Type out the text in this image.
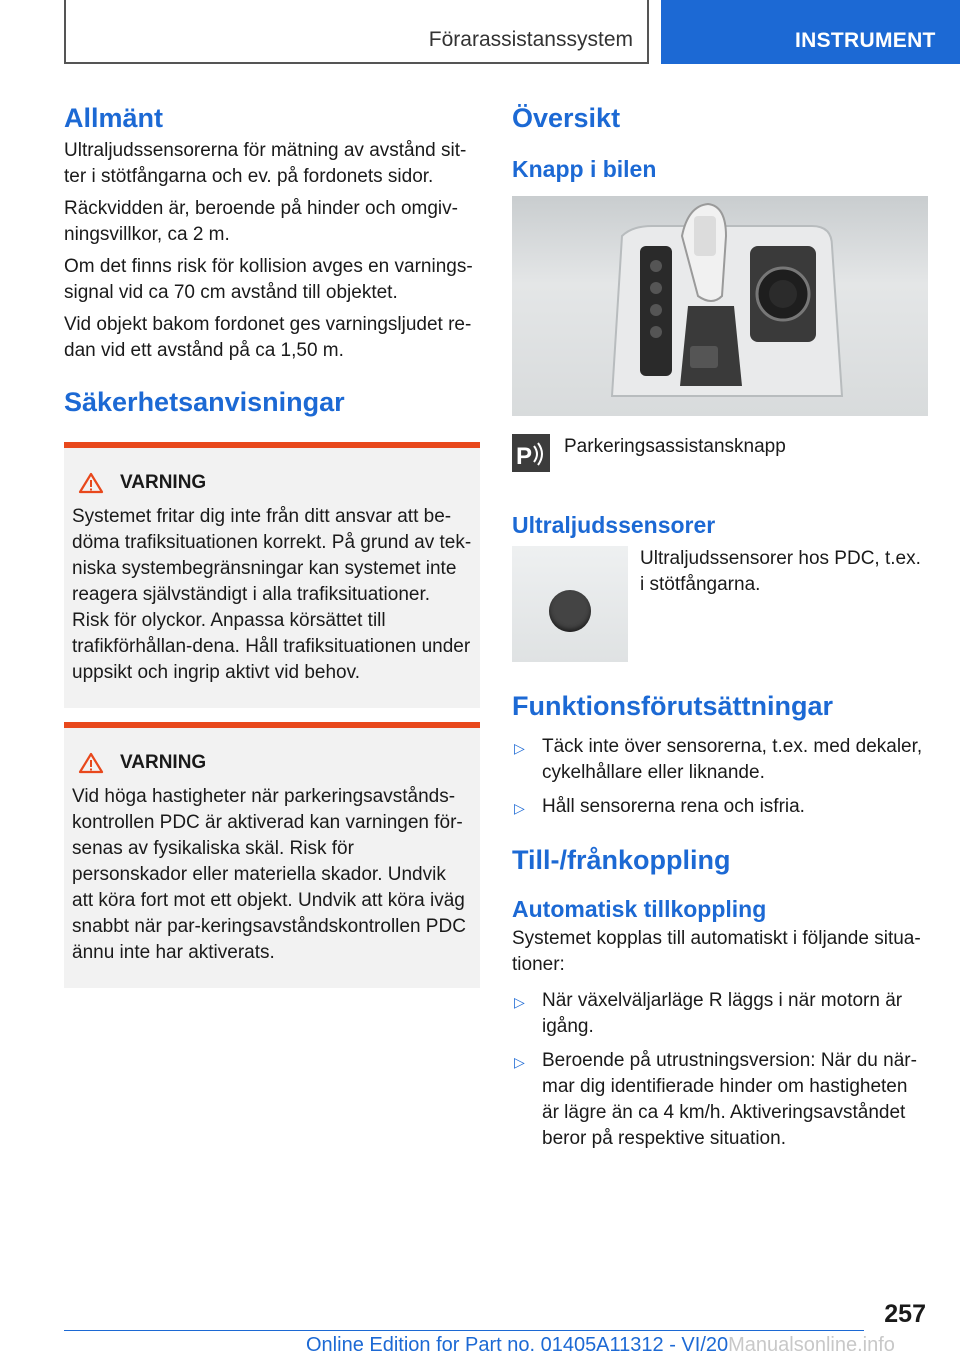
Förarassistanssystem	INSTRUMENT
Allmänt

Ultraljudssensorerna för mätning av avstånd sit-ter i stötfångarna och ev. på fordonets sidor.

Räckvidden är, beroende på hinder och omgiv-ningsvillkor, ca 2 m.

Om det finns risk för kollision avges en varnings-signal vid ca 70 cm avstånd till objektet.

Vid objekt bakom fordonet ges varningsljudet re-dan vid ett avstånd på ca 1,50 m.

Säkerhetsanvisningar
VARNING

Systemet fritar dig inte från ditt ansvar att be-döma trafiksituationen korrekt. På grund av tek-niska systembegränsningar kan systemet inte reagera självständigt i alla trafiksituationer. Risk för olyckor. Anpassa körsättet till trafikförhållan-dena. Håll trafiksituationen under uppsikt och ingrip aktivt vid behov.

VARNING

Vid höga hastigheter när parkeringsavstånds-kontrollen PDC är aktiverad kan varningen för-senas av fysikaliska skäl. Risk för personskador eller materiella skador. Undvik att köra fort mot ett objekt. Undvik att köra iväg snabbt när par-keringsavståndskontrollen PDC ännu inte har aktiverats.

Översikt
Knapp i bilen
P Parkeringsassistansknapp
Ultraljudssensorer

Ultraljudssensorer hos PDC, t.ex. i stötfångarna.

Funktionsförutsättningar
▷ Täck inte över sensorerna, t.ex. med dekaler, cykelhållare eller liknande.
▷ Håll sensorerna rena och isfria.
Till-/frånkoppling
Automatisk tillkoppling

Systemet kopplas till automatiskt i följande situa-tioner:

▷ När växelväljarläge R läggs i när motorn är igång.
▷ Beroende på utrustningsversion: När du när-mar dig identifierade hinder om hastigheten är lägre än ca 4 km/h. Aktiveringsavståndet beror på respektive situation.
257
Online Edition for Part no. 01405A11312 - VI/20Manualsonline.info
